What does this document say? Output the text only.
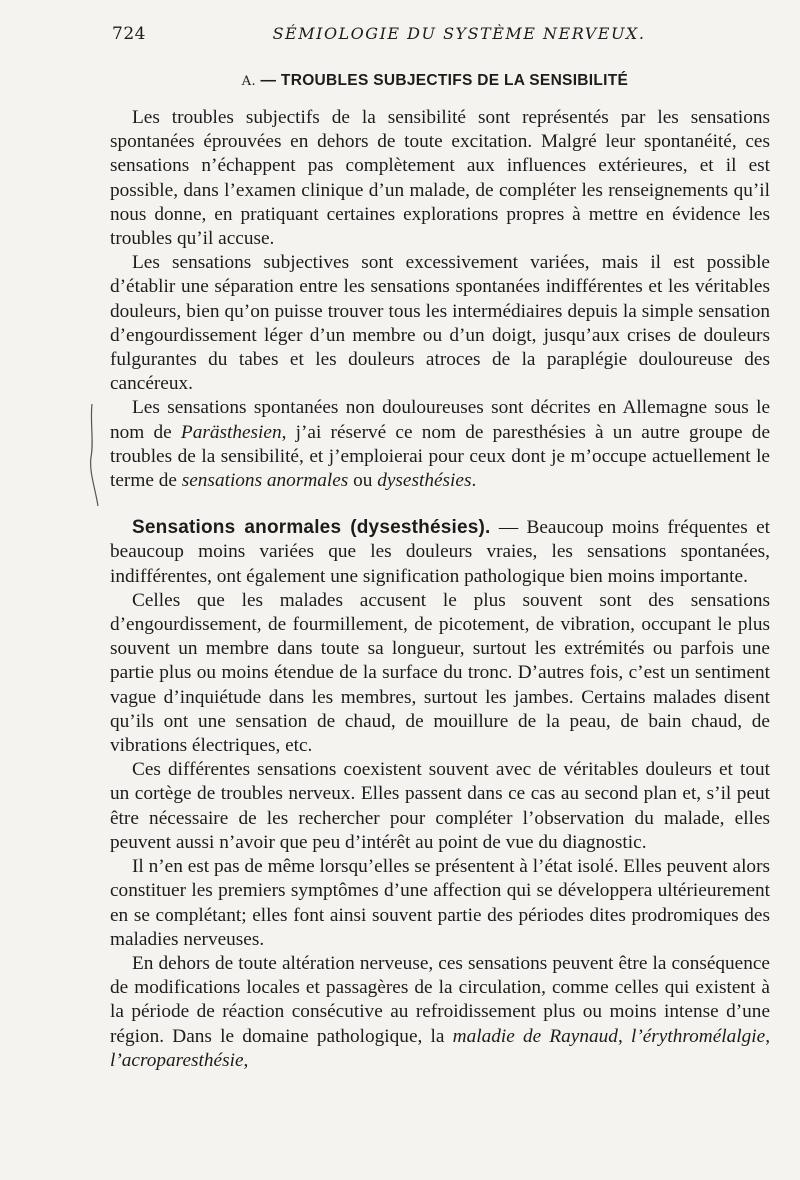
724	SÉMIOLOGIE DU SYSTÈME NERVEUX.
A. — TROUBLES SUBJECTIFS DE LA SENSIBILITÉ

Les troubles subjectifs de la sensibilité sont représentés par les sensations spontanées éprouvées en dehors de toute excitation. Malgré leur spontanéité, ces sensations n’échappent pas complètement aux influences extérieures, et il est possible, dans l’examen clinique d’un malade, de compléter les renseignements qu’il nous donne, en pratiquant certaines explorations propres à mettre en évidence les troubles qu’il accuse.

Les sensations subjectives sont excessivement variées, mais il est possible d’établir une séparation entre les sensations spontanées indifférentes et les véritables douleurs, bien qu’on puisse trouver tous les intermédiaires depuis la simple sensation d’engourdissement léger d’un membre ou d’un doigt, jusqu’aux crises de douleurs fulgurantes du tabes et les douleurs atroces de la paraplégie douloureuse des cancéreux.

Les sensations spontanées non douloureuses sont décrites en Allemagne sous le nom de Parästhesien, j’ai réservé ce nom de paresthésies à un autre groupe de troubles de la sensibilité, et j’emploierai pour ceux dont je m’occupe actuellement le terme de sensations anormales ou dysesthésies.

Sensations anormales (dysesthésies). — Beaucoup moins fréquentes et beaucoup moins variées que les douleurs vraies, les sensations spontanées, indifférentes, ont également une signification pathologique bien moins importante.

Celles que les malades accusent le plus souvent sont des sensations d’engourdissement, de fourmillement, de picotement, de vibration, occupant le plus souvent un membre dans toute sa longueur, surtout les extrémités ou parfois une partie plus ou moins étendue de la surface du tronc. D’autres fois, c’est un sentiment vague d’inquiétude dans les membres, surtout les jambes. Certains malades disent qu’ils ont une sensation de chaud, de mouillure de la peau, de bain chaud, de vibrations électriques, etc.

Ces différentes sensations coexistent souvent avec de véritables douleurs et tout un cortège de troubles nerveux. Elles passent dans ce cas au second plan et, s’il peut être nécessaire de les rechercher pour compléter l’observation du malade, elles peuvent aussi n’avoir que peu d’intérêt au point de vue du diagnostic.

Il n’en est pas de même lorsqu’elles se présentent à l’état isolé. Elles peuvent alors constituer les premiers symptômes d’une affection qui se développera ultérieurement en se complétant; elles font ainsi souvent partie des périodes dites prodromiques des maladies nerveuses.

En dehors de toute altération nerveuse, ces sensations peuvent être la conséquence de modifications locales et passagères de la circulation, comme celles qui existent à la période de réaction consécutive au refroidissement plus ou moins intense d’une région. Dans le domaine pathologique, la maladie de Raynaud, l’érythromélalgie, l’acroparesthésie,
